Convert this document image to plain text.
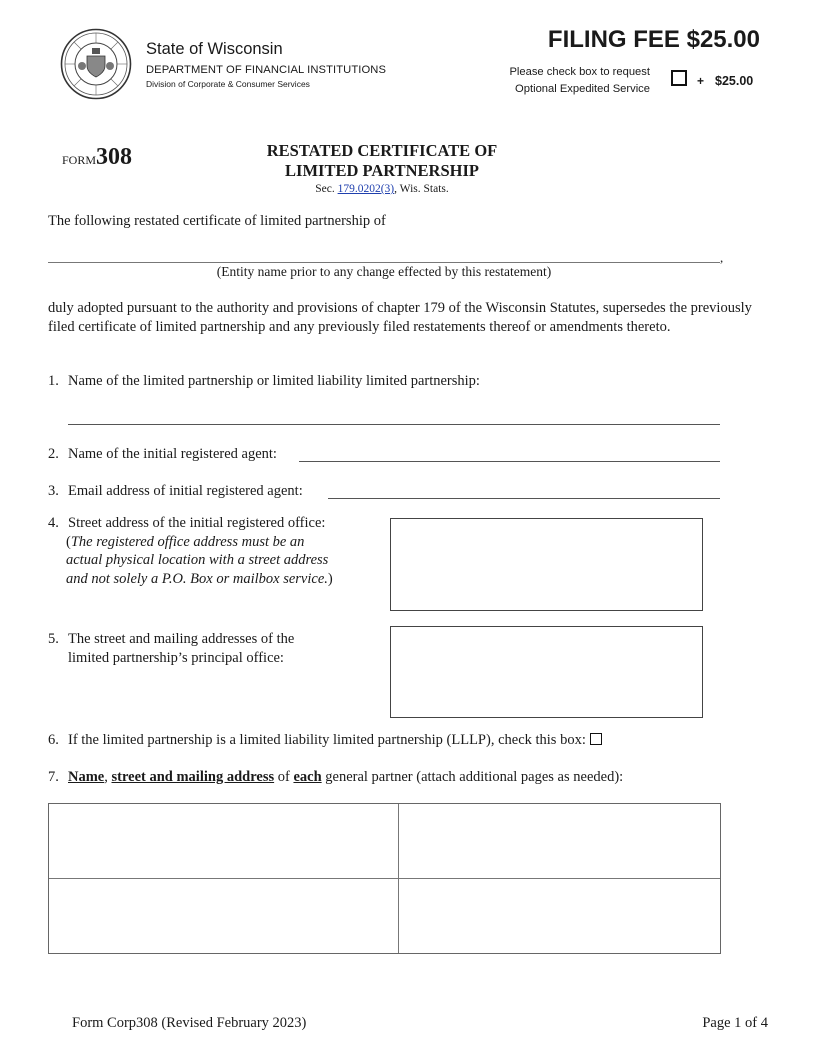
State of Wisconsin
DEPARTMENT OF FINANCIAL INSTITUTIONS
Division of Corporate & Consumer Services
FILING FEE $25.00
Please check box to request
Optional Expedited Service
+ $25.00
FORM308	RESTATED CERTIFICATE OF
LIMITED PARTNERSHIP
Sec. 179.0202(3), Wis. Stats.
The following restated certificate of limited partnership of
,
(Entity name prior to any change effected by this restatement)
duly adopted pursuant to the authority and provisions of chapter 179 of the Wisconsin Statutes, supersedes the previously filed certificate of limited partnership and any previously filed restatements thereof or amendments thereto.
1. Name of the limited partnership or limited liability limited partnership:
2. Name of the initial registered agent:
3. Email address of initial registered agent:
4. Street address of the initial registered office:
(The registered office address must be an
actual physical location with a street address
and not solely a P.O. Box or mailbox service.)
5. The street and mailing addresses of the
limited partnership’s principal office:
6. If the limited partnership is a limited liability limited partnership (LLLP), check this box:
7. Name, street and mailing address of each general partner (attach additional pages as needed):
Form Corp308 (Revised February 2023)	Page 1 of 4
